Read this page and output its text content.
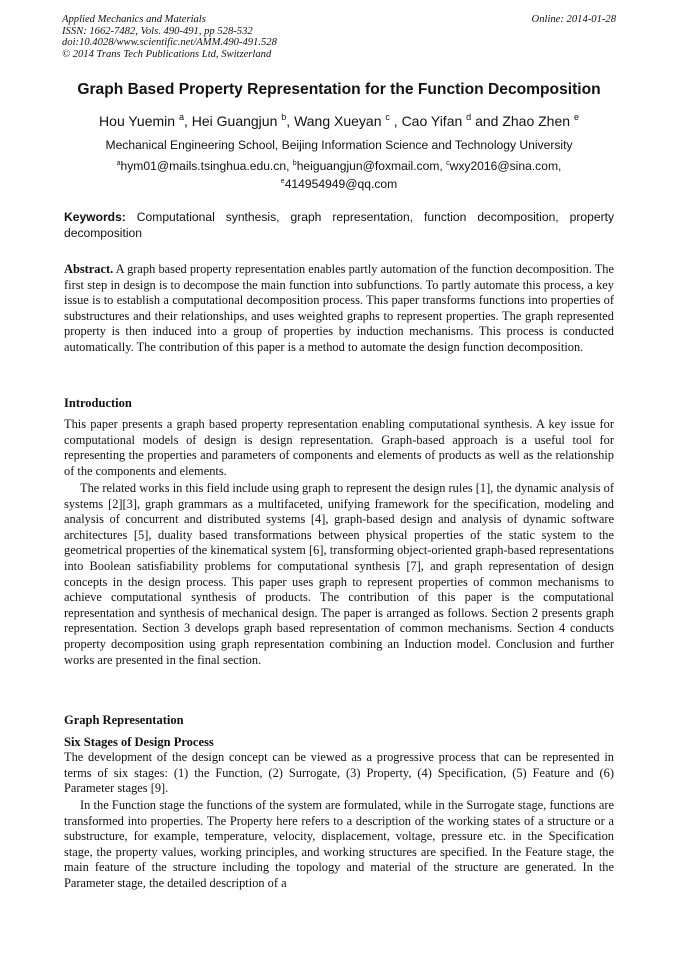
Applied Mechanics and Materials
ISSN: 1662-7482, Vols. 490-491, pp 528-532
doi:10.4028/www.scientific.net/AMM.490-491.528
© 2014 Trans Tech Publications Ltd, Switzerland
Online: 2014-01-28
Graph Based Property Representation for the Function Decomposition
Hou Yuemin $^a$, Hei Guangjun $^b$, Wang Xueyan $^c$ , Cao Yifan $^d$ and Zhao Zhen $^e$
Mechanical Engineering School, Beijing Information Science and Technology University
$^a$hym01@mails.tsinghua.edu.cn, $^b$heiguangjun@foxmail.com, $^c$wxy2016@sina.com,
$^e$414954949@qq.com
Keywords: Computational synthesis, graph representation, function decomposition, property decomposition
Abstract. A graph based property representation enables partly automation of the function decomposition. The first step in design is to decompose the main function into subfunctions. To partly automate this process, a key issue is to establish a computational decomposition process. This paper transforms functions into properties of substructures and their relationships, and uses weighted graphs to represent properties. The graph represented property is then induced into a group of properties by induction mechanisms. This process is conducted automatically. The contribution of this paper is a method to automate the design function decomposition.
Introduction
This paper presents a graph based property representation enabling computational synthesis. A key issue for computational models of design is design representation. Graph-based approach is a useful tool for representing the properties and parameters of components and elements of products as well as the relationship of the components and elements.
The related works in this field include using graph to represent the design rules [1], the dynamic analysis of systems [2][3], graph grammars as a multifaceted, unifying framework for the specification, modeling and analysis of concurrent and distributed systems [4], graph-based design and analysis of dynamic software architectures [5], duality based transformations between physical properties of the static system to the geometrical properties of the kinematical system [6], transforming object-oriented graph-based representations into Boolean satisfiability problems for computational synthesis [7], and graph representation of design concepts in the design process. This paper uses graph to represent properties of common mechanisms to achieve computational synthesis of products. The contribution of this paper is the computational representation and synthesis of mechanical design. The paper is arranged as follows. Section 2 presents graph representation. Section 3 develops graph based representation of common mechanisms. Section 4 conducts property decomposition using graph representation combining an Induction model. Conclusion and further works are presented in the final section.
Graph Representation
Six Stages of Design Process
The development of the design concept can be viewed as a progressive process that can be represented in terms of six stages: (1) the Function, (2) Surrogate, (3) Property, (4) Specification, (5) Feature and (6) Parameter stages [9].
In the Function stage the functions of the system are formulated, while in the Surrogate stage, functions are transformed into properties. The Property here refers to a description of the working states of a structure or a substructure, for example, temperature, velocity, displacement, voltage, pressure etc. in the Specification stage, the property values, working principles, and working structures are specified. In the Feature stage, the main feature of the structure including the topology and material of the structure are generated. In the Parameter stage, the detailed description of a
